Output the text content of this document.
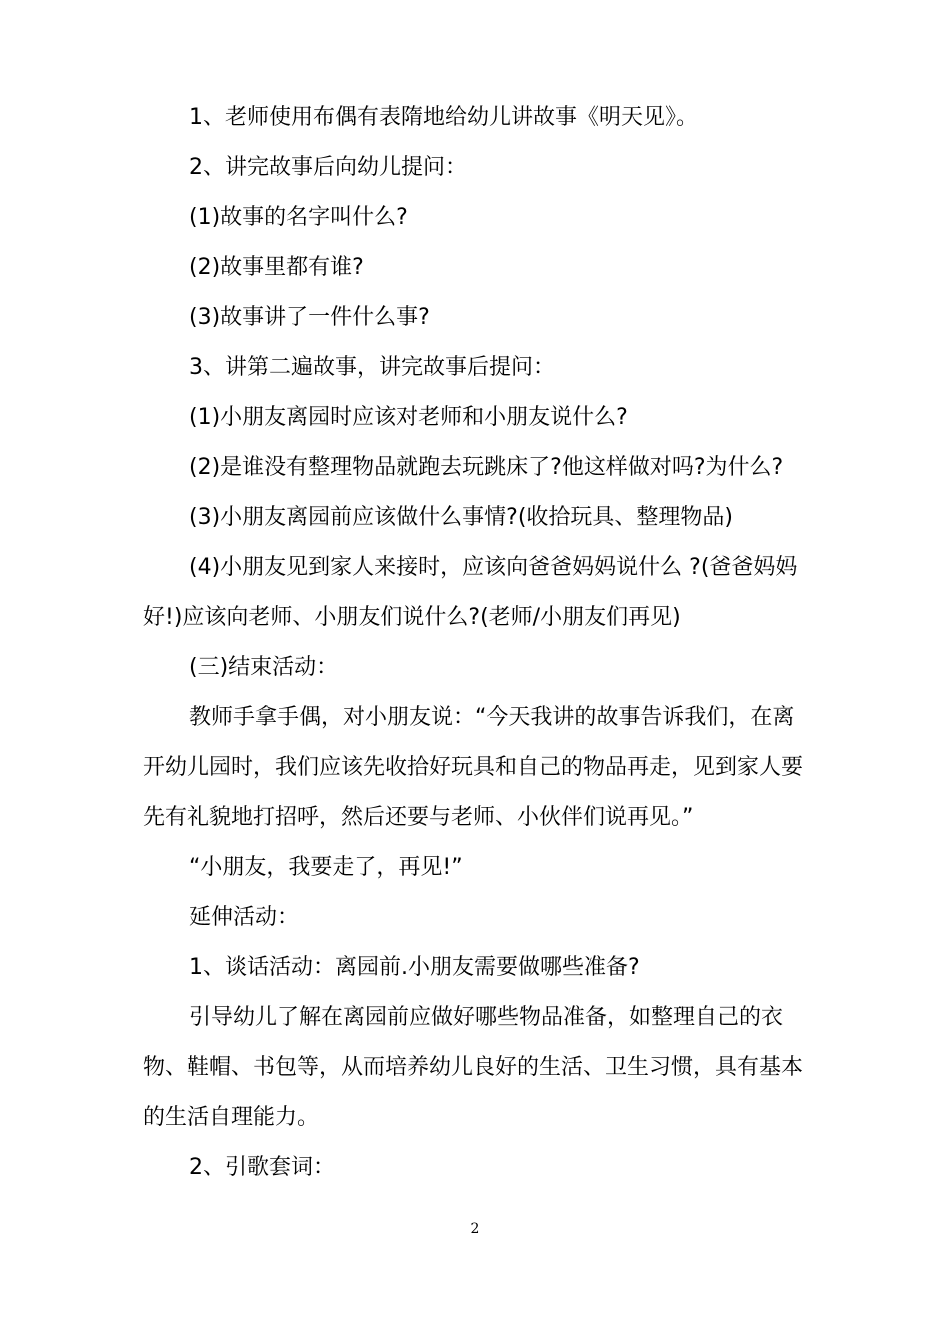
1、老师使用布偶有表隋地给幼儿讲故事《明天见》。

2、讲完故事后向幼儿提问：

(1)故事的名字叫什么?

(2)故事里都有谁?

(3)故事讲了一件什么事?

3、讲第二遍故事，讲完故事后提问：

(1)小朋友离园时应该对老师和小朋友说什么?

(2)是谁没有整理物品就跑去玩跳床了?他这样做对吗?为什么?

(3)小朋友离园前应该做什么事情?(收拾玩具、整理物品)

(4)小朋友见到家人来接时，应该向爸爸妈妈说什么 ?(爸爸妈妈

好!)应该向老师、小朋友们说什么?(老师/小朋友们再见)

(三)结束活动：

教师手拿手偶，对小朋友说：“今天我讲的故事告诉我们，在离

开幼儿园时，我们应该先收拾好玩具和自己的物品再走，见到家人要

先有礼貌地打招呼，然后还要与老师、小伙伴们说再见。”

“小朋友，我要走了，再见!”

延伸活动：

1、谈话活动：离园前.小朋友需要做哪些准备?

引导幼儿了解在离园前应做好哪些物品准备，如整理自己的衣

物、鞋帽、书包等，从而培养幼儿良好的生活、卫生习惯，具有基本

的生活自理能力。

2、引歌套词：

2
